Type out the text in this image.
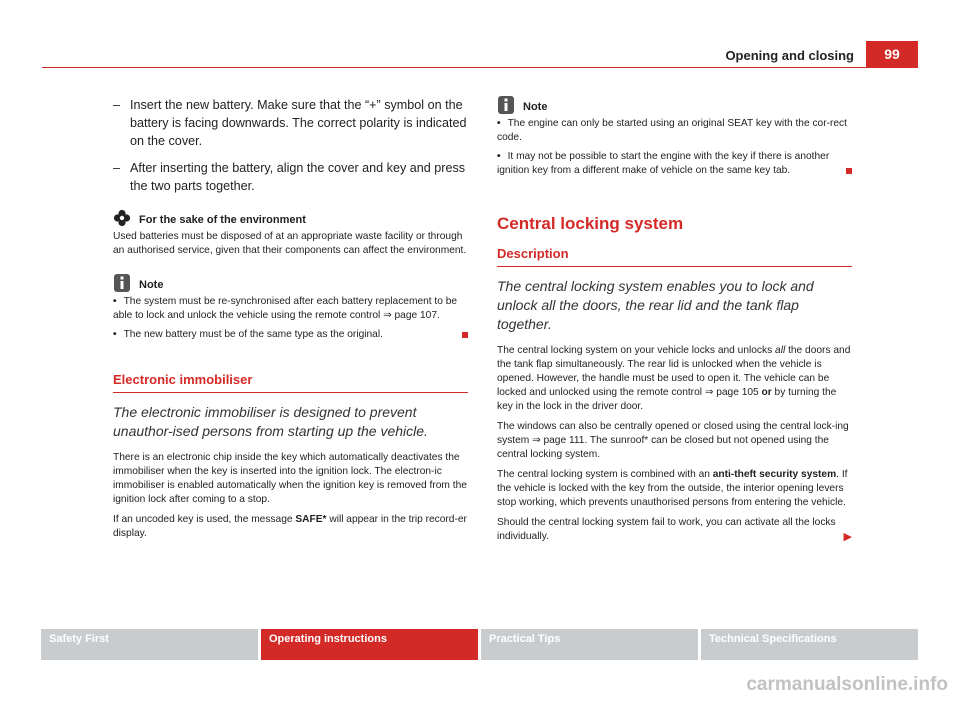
Opening and closing	99
– Insert the new battery. Make sure that the “+” symbol on the battery is facing downwards. The correct polarity is indicated on the cover.
– After inserting the battery, align the cover and key and press the two parts together.
For the sake of the environment

Used batteries must be disposed of at an appropriate waste facility or through an authorised service, given that their components can affect the environment.

Note

• The system must be re-synchronised after each battery replacement to be able to lock and unlock the vehicle using the remote control ⇒ page 107.

• The new battery must be of the same type as the original.

Electronic immobiliser

The electronic immobiliser is designed to prevent unauthor-ised persons from starting up the vehicle.

There is an electronic chip inside the key which automatically deactivates the immobiliser when the key is inserted into the ignition lock. The electron-ic immobiliser is enabled automatically when the ignition key is removed from the ignition lock after coming to a stop.

If an uncoded key is used, the message SAFE* will appear in the trip record-er display.

Note

• The engine can only be started using an original SEAT key with the cor-rect code.

• It may not be possible to start the engine with the key if there is another ignition key from a different make of vehicle on the same key tab.

Central locking system
Description

The central locking system enables you to lock and unlock all the doors, the rear lid and the tank flap together.

The central locking system on your vehicle locks and unlocks all the doors and the tank flap simultaneously. The rear lid is unlocked when the vehicle is opened. However, the handle must be used to open it. The vehicle can be locked and unlocked using the remote control ⇒ page 105 or by turning the key in the lock in the driver door.

The windows can also be centrally opened or closed using the central lock-ing system ⇒ page 111. The sunroof* can be closed but not opened using the central locking system.

The central locking system is combined with an anti-theft security system. If the vehicle is locked with the key from the outside, the interior opening levers stop working, which prevents unauthorised persons from entering the vehicle.

Should the central locking system fail to work, you can activate all the locks individually.	▶

Safety First	Operating instructions	Practical Tips	Technical Specifications
carmanualsonline.info
